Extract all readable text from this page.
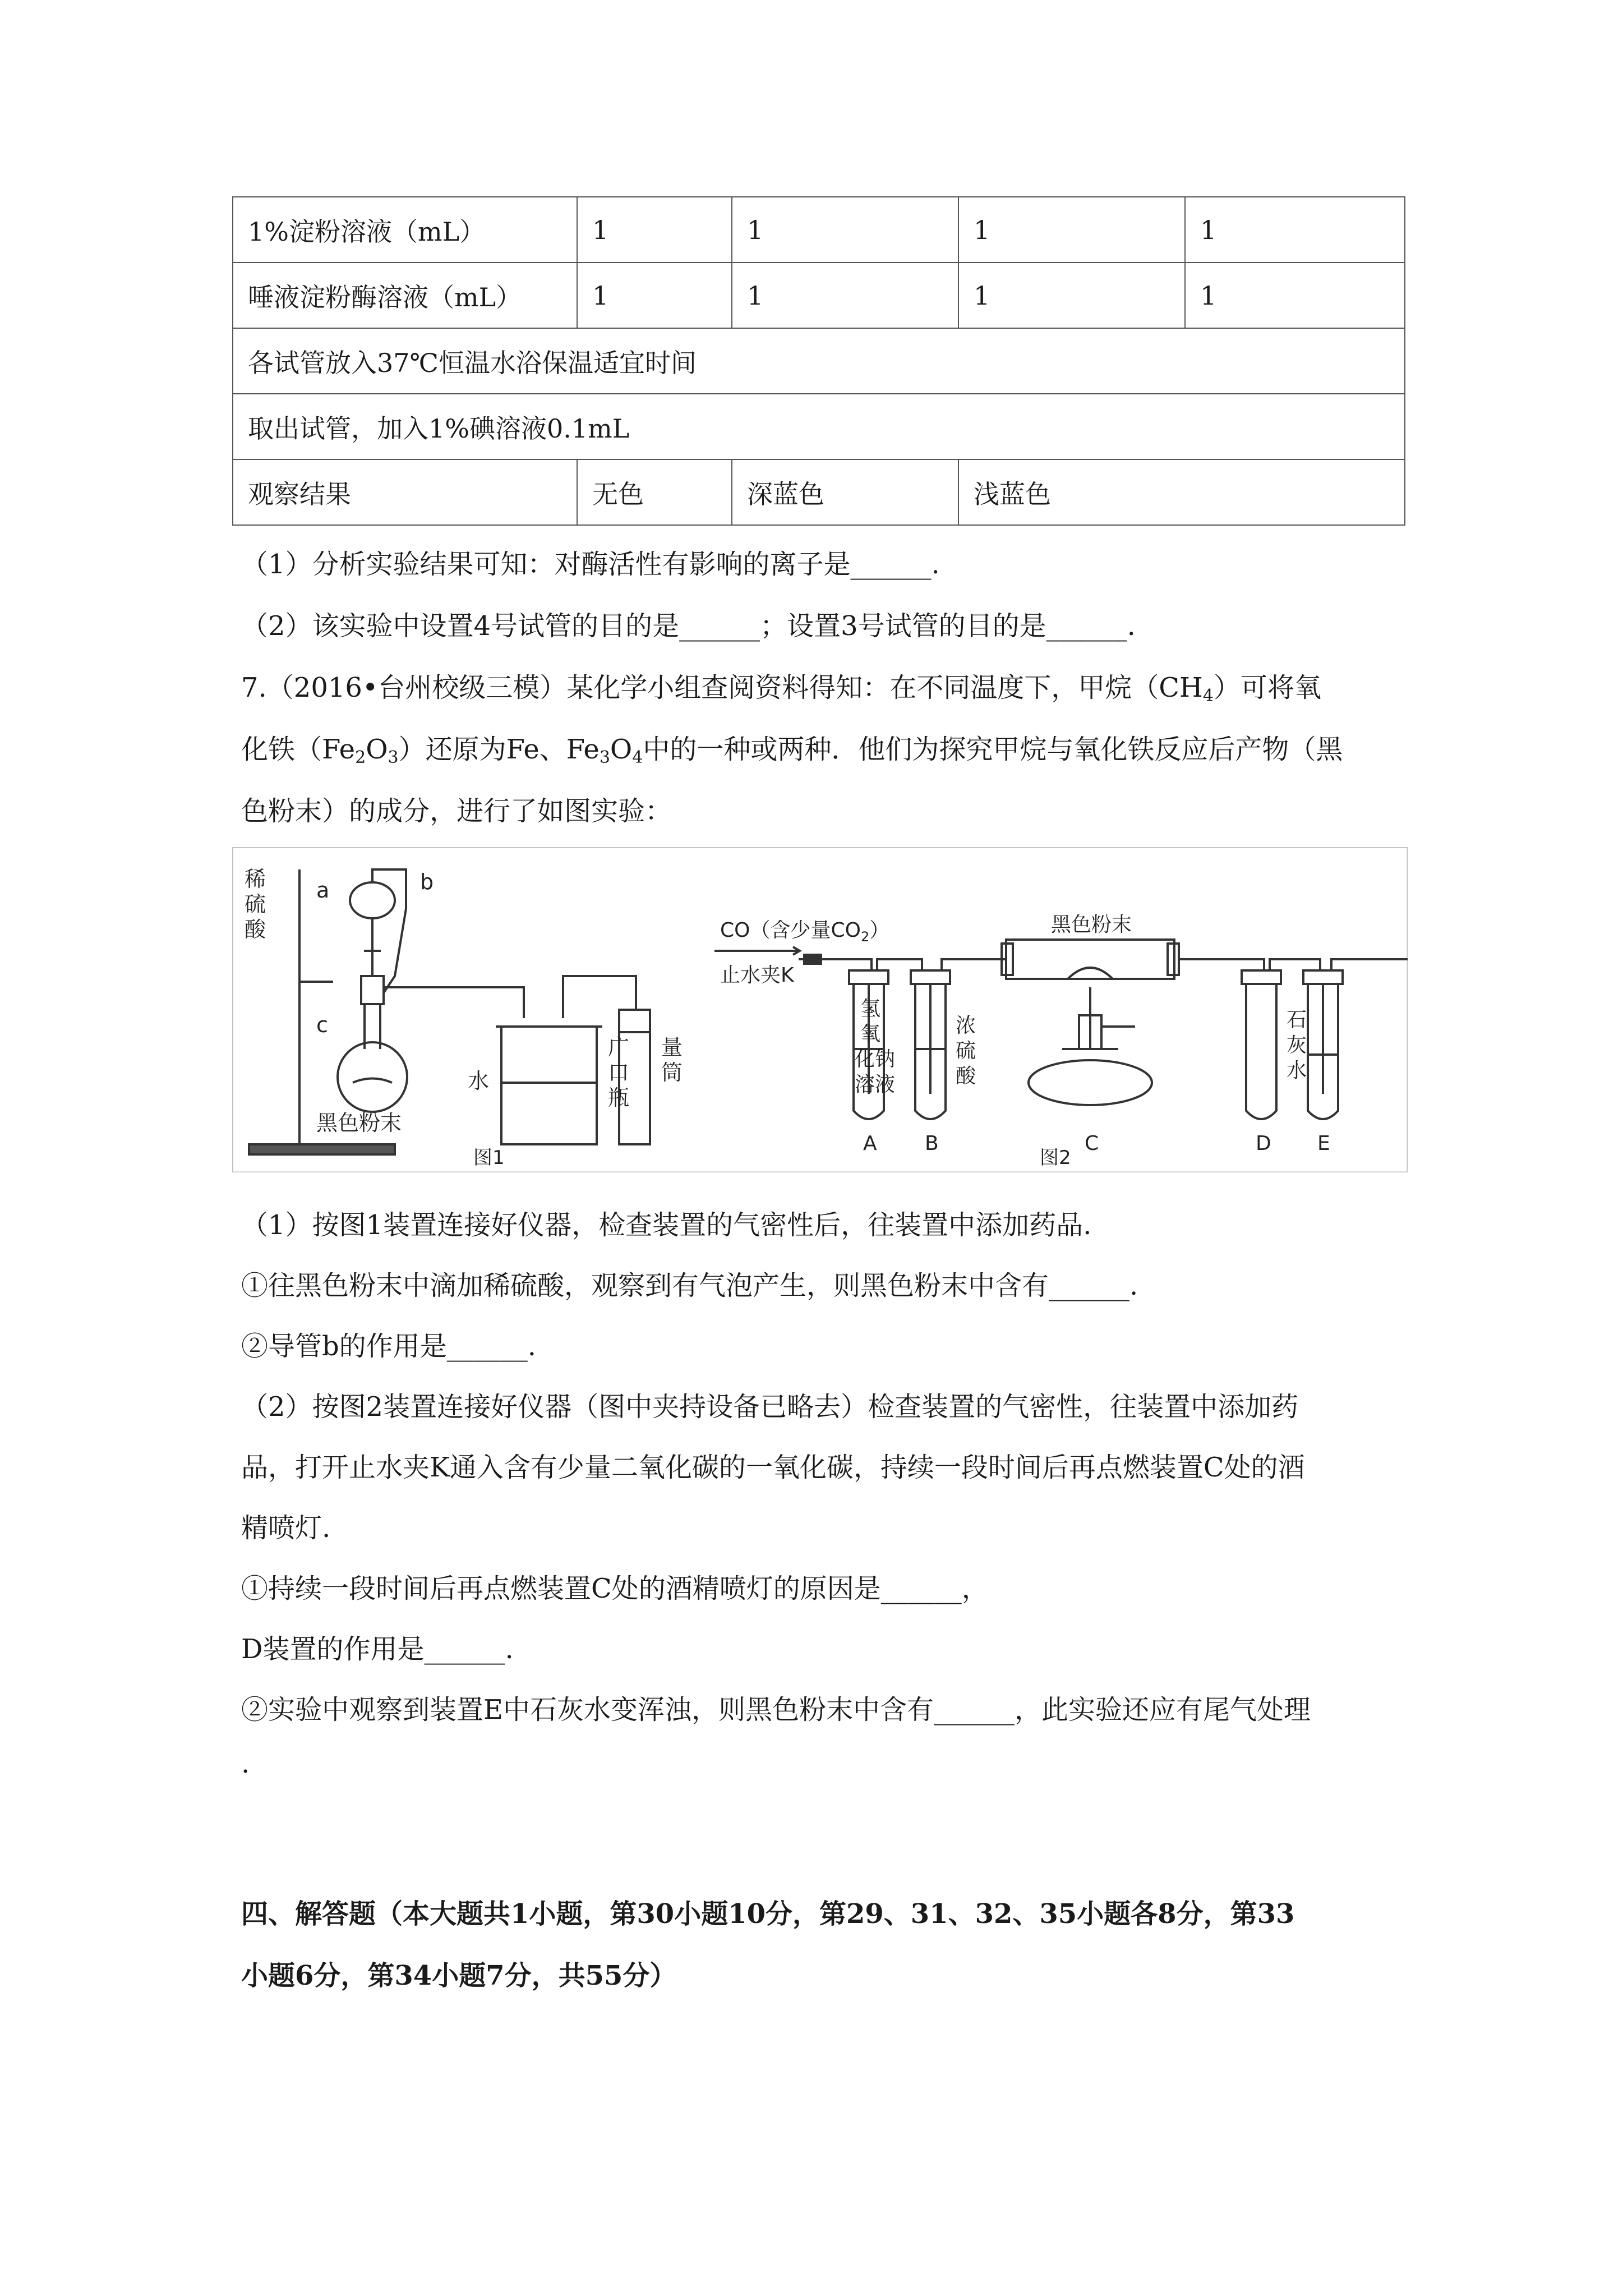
1%淀粉溶液（mL）	1	1	1	1
唾液淀粉酶溶液（mL）	1	1	1	1
各试管放入37℃恒温水浴保温适宜时间				
取出试管，加入1%碘溶液0.1mL				
观察结果	无色	深蓝色	浅蓝色	
（1）分析实验结果可知：对酶活性有影响的离子是______.
（2）该实验中设置4号试管的目的是______；设置3号试管的目的是______.
7.（2016•台州校级三模）某化学小组查阅资料得知：在不同温度下，甲烷$(CH_4)$可将氧
化铁$(Fe_2O_3)$还原为Fe、$Fe_3O_4$中的一种或两种．他们为探究甲烷与氧化铁反应后产物（黑
色粉末）的成分，进行了如图实验：
稀
硫
酸
a	b
c
黑色粉末
水
广
口
瓶
量
筒
图1
CO（含少量$CO_2$）
止水夹K
氢
氧
化钠
溶液
浓
硫
酸
黑色粉末
石
灰
水
A B	C	D E
图2
（1）按图1装置连接好仪器，检查装置的气密性后，往装置中添加药品.
①往黑色粉末中滴加稀硫酸，观察到有气泡产生，则黑色粉末中含有______.
②导管b的作用是______.
（2）按图2装置连接好仪器（图中夹持设备已略去）检查装置的气密性，往装置中添加药
品，打开止水夹K通入含有少量二氧化碳的一氧化碳，持续一段时间后再点燃装置C处的酒
精喷灯.
①持续一段时间后再点燃装置C处的酒精喷灯的原因是______，
D装置的作用是______.
②实验中观察到装置E中石灰水变浑浊，则黑色粉末中含有______，此实验还应有尾气处理
.
四、解答题（本大题共1小题，第30小题10分，第29、31、32、35小题各8分，第33
小题6分，第34小题7分，共55分）
